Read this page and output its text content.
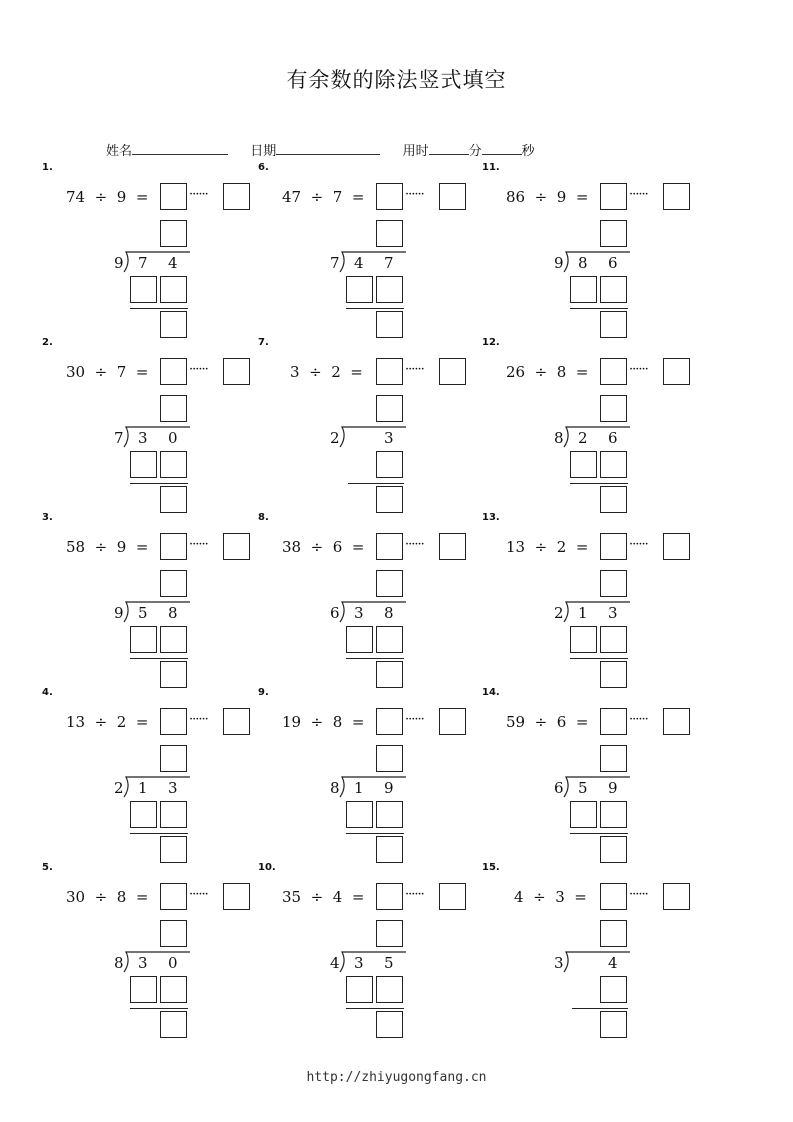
有余数的除法竖式填空
姓名	日期	用时	分	秒
1.
74  ÷  9  =	······
9 7 4
2.
30  ÷  7  =	······
7 3 0
3.
58  ÷  9  =	······
9 5 8
4.
13  ÷  2  =	······
2 1 3
5.
30  ÷  8  =	······
8 3 0
6.
47  ÷  7  =	······
7 4 7
7.
3  ÷  2  =	······
2	3
8.
38  ÷  6  =	······
6 3 8
9.
19  ÷  8  =	······
8 1 9
10.
35  ÷  4  =	······
4 3 5
11.
86  ÷  9  =	······
9 8 6
12.
26  ÷  8  =	······
8 2 6
13.
13  ÷  2  =	······
2 1 3
14.
59  ÷  6  =	······
6 5 9
15.
4  ÷  3  =	······
3	4
http://zhiyugongfang.cn
